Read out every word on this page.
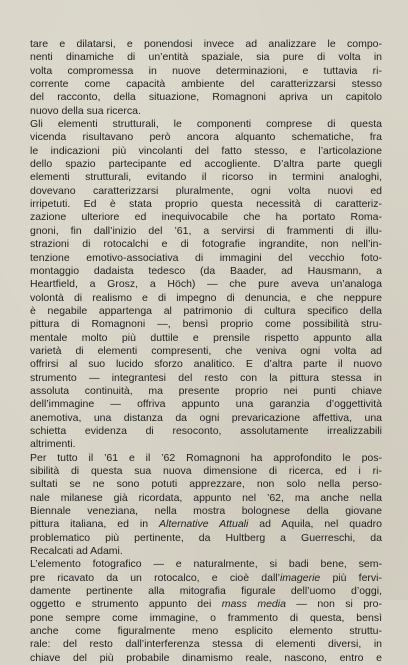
tare e dilatarsi, e ponendosi invece ad analizzare le compo-
nenti dinamiche di un’entità spaziale, sia pure di volta in
volta compromessa in nuove determinazioni, e tuttavia ri-
corrente come capacità ambiente del caratterizzarsi stesso
del racconto, della situazione, Romagnoni apriva un capitolo
nuovo della sua ricerca.
Gli elementi strutturali, le componenti comprese di questa
vicenda risultavano però ancora alquanto schematiche, fra
le indicazioni più vincolanti del fatto stesso, e l’articolazione
dello spazio partecipante ed accogliente. D’altra parte quegli
elementi strutturali, evitando il ricorso in termini analoghi,
dovevano caratterizzarsi pluralmente, ogni volta nuovi ed
irripetuti. Ed è stata proprio questa necessità di caratteriz-
zazione ulteriore ed inequivocabile che ha portato Roma-
gnoni, fin dall’inizio del ’61, a servirsi di frammenti di illu-
strazioni di rotocalchi e di fotografie ingrandite, non nell’in-
tenzione emotivo-associativa di immagini del vecchio foto-
montaggio dadaista tedesco (da Baader, ad Hausmann, a
Heartfield, a Grosz, a Höch) — che pure aveva un’analoga
volontà di realismo e di impegno di denuncia, e che neppure
è negabile appartenga al patrimonio di cultura specifico della
pittura di Romagnoni —, bensì proprio come possibilità stru-
mentale molto più duttile e prensile rispetto appunto alla
varietà di elementi compresenti, che veniva ogni volta ad
offrirsi al suo lucido sforzo analitico. E d’altra parte il nuovo
strumento — integrantesi del resto con la pittura stessa in
assoluta continuità, ma presente proprio nei punti chiave
dell’immagine — offriva appunto una garanzia d’oggettività
anemotiva, una distanza da ogni prevaricazione affettiva, una
schietta evidenza di resoconto, assolutamente irrealizzabili
altrimenti.
Per tutto il ’61 e il ’62 Romagnoni ha approfondito le pos-
sibilità di questa sua nuova dimensione di ricerca, ed i ri-
sultati se ne sono potuti apprezzare, non solo nella perso-
nale milanese già ricordata, appunto nel ’62, ma anche nella
Biennale veneziana, nella mostra bolognese della giovane
pittura italiana, ed in Alternative Attuali ad Aquila, nel quadro
problematico più pertinente, da Hultberg a Guerreschi, da
Recalcati ad Adami.
L’elemento fotografico — e naturalmente, si badi bene, sem-
pre ricavato da un rotocalco, e cioè dall’imagerie più fervi-
damente pertinente alla mitografia figurale dell’uomo d’oggi,
oggetto e strumento appunto dei mass media — non si pro-
pone sempre come immagine, o frammento di questa, bensì
anche come figuralmente meno esplicito elemento struttu-
rale: del resto dall’interferenza stessa di elementi diversi, in
chiave del più probabile dinamismo reale, nascono, entro e
